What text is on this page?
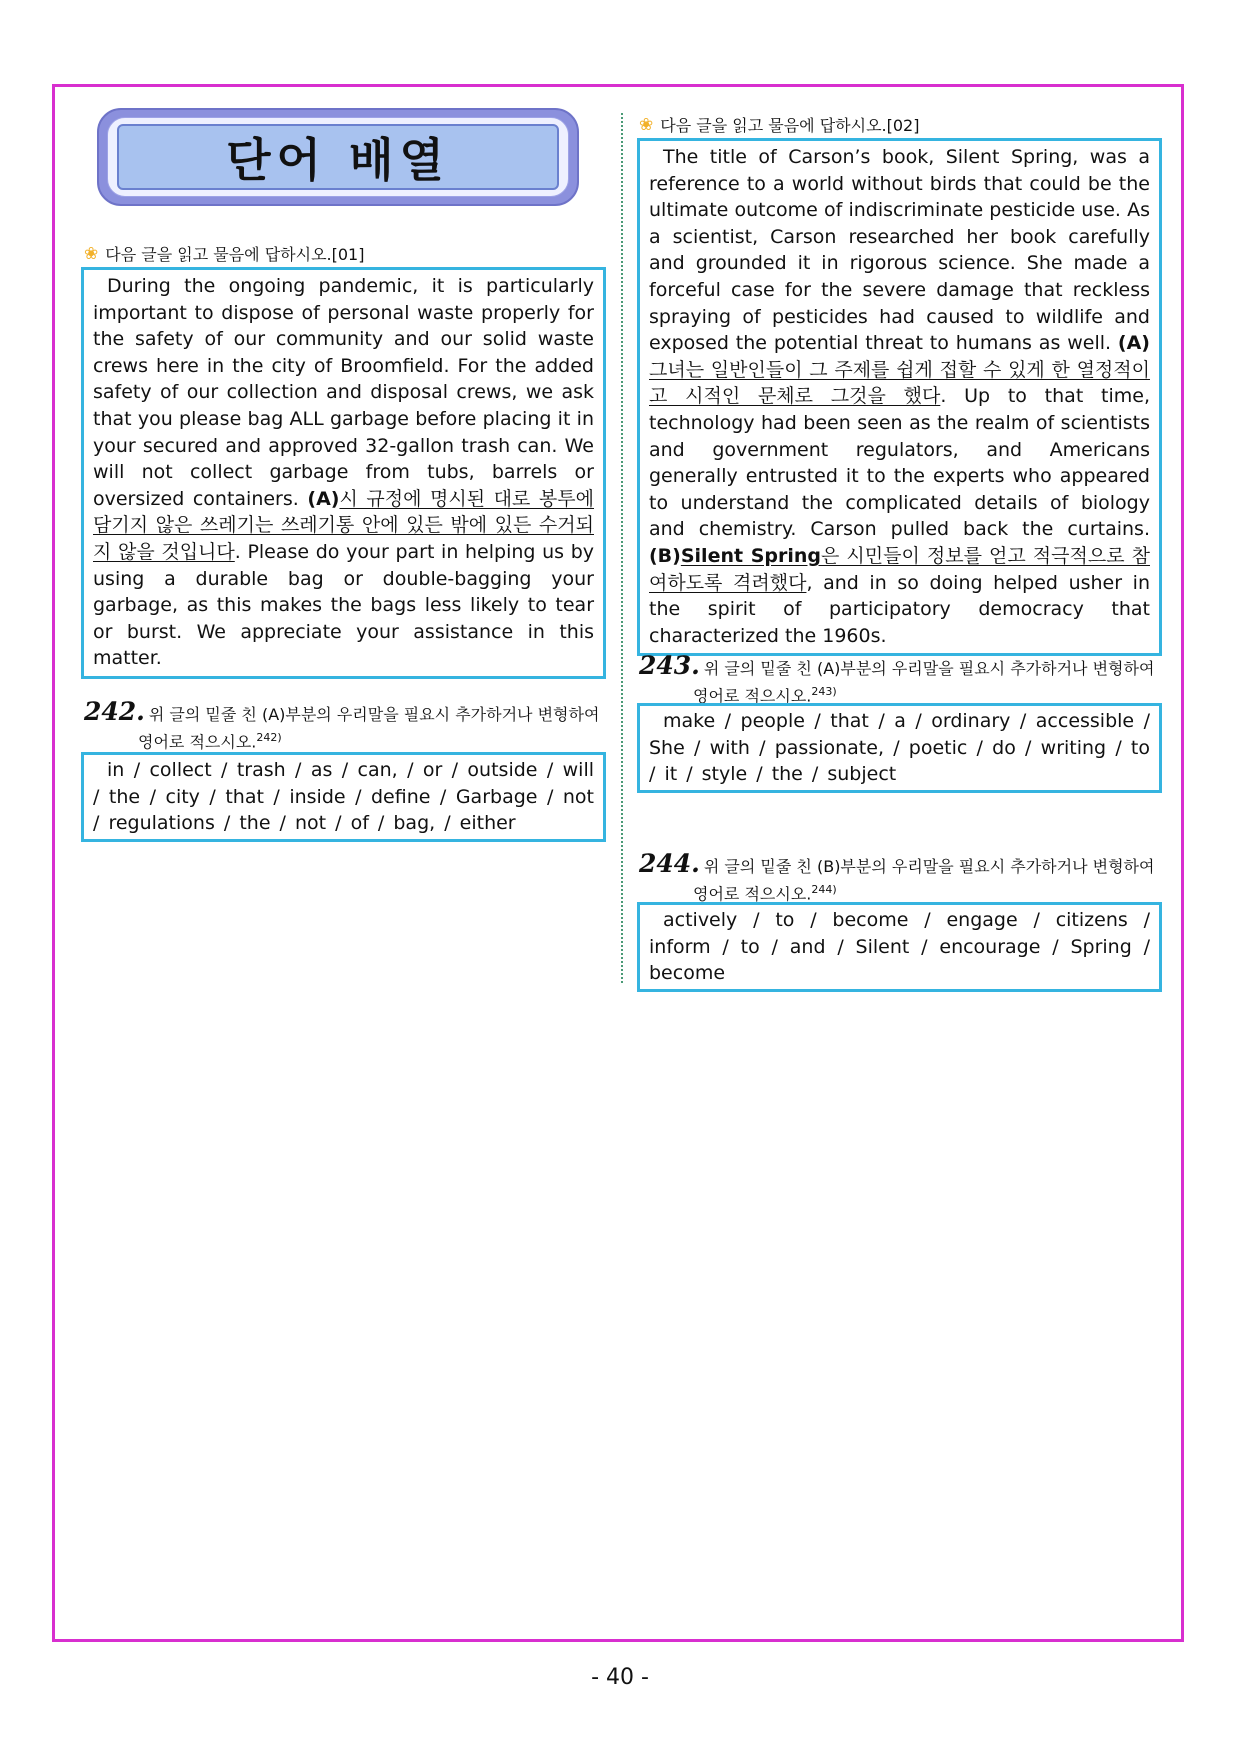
단어 배열
❀ 다음 글을 읽고 물음에 답하시오.[01]

During the ongoing pandemic, it is particularly important to dispose of personal waste properly for the safety of our community and our solid waste crews here in the city of Broomfield. For the added safety of our collection and disposal crews, we ask that you please bag ALL garbage before placing it in your secured and approved 32-gallon trash can. We will not collect garbage from tubs, barrels or oversized containers. (A)시 규정에 명시된 대로 봉투에 담기지 않은 쓰레기는 쓰레기통 안에 있든 밖에 있든 수거되지 않을 것입니다. Please do your part in helping us by using a durable bag or double-bagging your garbage, as this makes the bags less likely to tear or burst. We appreciate your assistance in this matter.

242. 위 글의 밑줄 친 (A)부분의 우리말을 필요시 추가하거나 변형하여
영어로 적으시오.$^{242)}$
in / collect / trash / as / can, / or / outside / will / the / city / that / inside / define / Garbage / not / regulations / the / not / of / bag, / either
❀ 다음 글을 읽고 물음에 답하시오.[02]

The title of Carson’s book, Silent Spring, was a reference to a world without birds that could be the ultimate outcome of indiscriminate pesticide use. As a scientist, Carson researched her book carefully and grounded it in rigorous science. She made a forceful case for the severe damage that reckless spraying of pesticides had caused to wildlife and exposed the potential threat to humans as well. (A)그녀는 일반인들이 그 주제를 쉽게 접할 수 있게 한 열정적이고 시적인 문체로 그것을 했다. Up to that time, technology had been seen as the realm of scientists and government regulators, and Americans generally entrusted it to the experts who appeared to understand the complicated details of biology and chemistry. Carson pulled back the curtains. (B)Silent Spring은 시민들이 정보를 얻고 적극적으로 참여하도록 격려했다, and in so doing helped usher in the spirit of participatory democracy that characterized the 1960s.

243. 위 글의 밑줄 친 (A)부분의 우리말을 필요시 추가하거나 변형하여
영어로 적으시오.$^{243)}$
make / people / that / a / ordinary / accessible / She / with / passionate, / poetic / do / writing / to / it / style / the / subject
244. 위 글의 밑줄 친 (B)부분의 우리말을 필요시 추가하거나 변형하여
영어로 적으시오.$^{244)}$
actively / to / become / engage / citizens / inform / to / and / Silent / encourage / Spring / become
- 40 -
